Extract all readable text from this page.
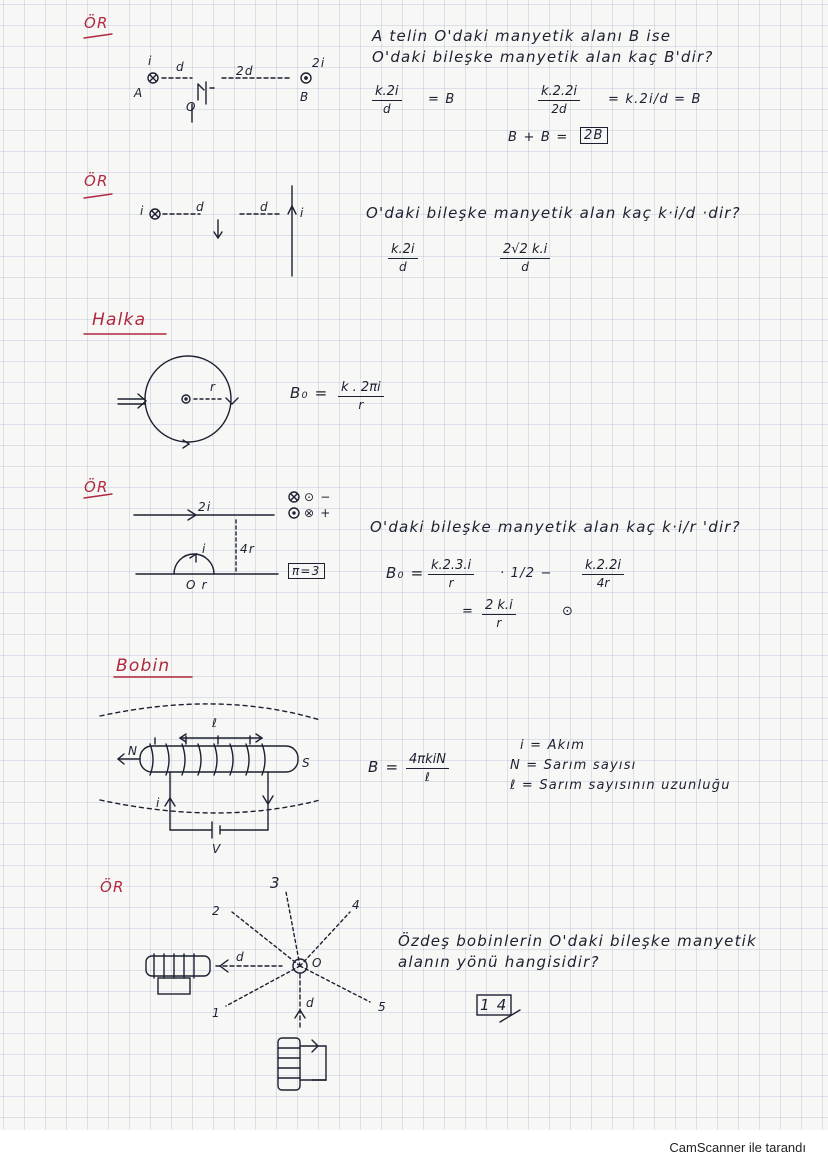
ÖR
A telin O'daki manyetik alanı B ise
O'daki bileşke manyetik alan kaç B'dir?
i d
A
2d
2i
B
O	$\frac{k.2i}{d} = B$	$\frac{k.2.2i}{2d} = k.2i/d = B$
B + B =	2B
ÖR
i	d	d	i	O'daki bileşke manyetik alan kaç k·i/d ·dir?
$\frac{k.2i}{d}$	$\frac{2√2 k.i}{d}$
Halka
r	$B_0 = \frac{k . 2\pi i}{r}$
ÖR
2i
i	4r
O r
⊙ −
⊗ +
π=3
O'daki bileşke manyetik alan kaç k·i/r 'dir?
$B_0 = \frac{k.2.3.i}{r} \cdot 1/2 - \frac{k.2.2i}{4r}$
= $\frac{2 k.i}{r}$	⊙
Bobin
ℓ
S
N
i
V
B = 4πkiN
ℓ
i = Akım
N = Sarım sayısı
ℓ = Sarım sayısının uzunluğu
ÖR	3
2	4
1	5
d
d
O
Özdeş bobinlerin O'daki bileşke manyetik
alanın yönü hangisidir?
1 4
CamScanner ile tarandı
